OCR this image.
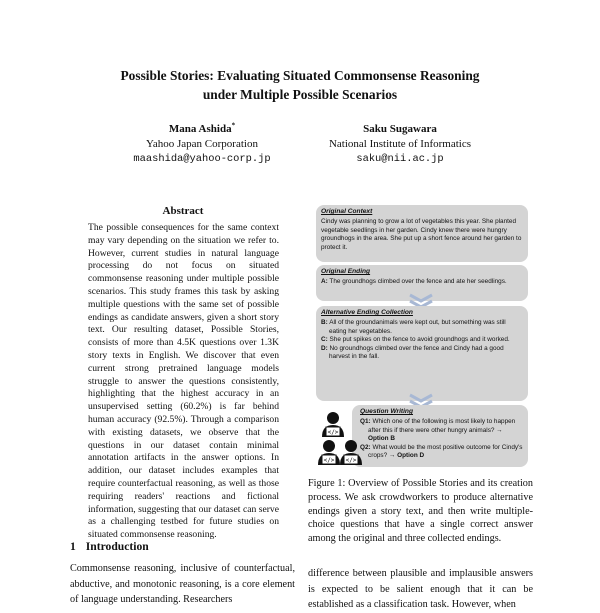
Possible Stories: Evaluating Situated Commonsense Reasoning
under Multiple Possible Scenarios
Mana Ashida*
Yahoo Japan Corporation
maashida@yahoo-corp.jp
Saku Sugawara
National Institute of Informatics
saku@nii.ac.jp
Abstract
The possible consequences for the same context may vary depending on the situation we refer to. However, current studies in natural language processing do not focus on situated commonsense reasoning under multiple possible scenarios. This study frames this task by asking multiple questions with the same set of possible endings as candidate answers, given a short story text. Our resulting dataset, Possible Stories, consists of more than 4.5K questions over 1.3K story texts in English. We discover that even current strong pretrained language models struggle to answer the questions consistently, highlighting that the highest accuracy in an unsupervised setting (60.2%) is far behind human accuracy (92.5%). Through a comparison with existing datasets, we observe that the questions in our dataset contain minimal annotation artifacts in the answer options. In addition, our dataset includes examples that require counterfactual reasoning, as well as those requiring readers' reactions and fictional information, suggesting that our dataset can serve as a challenging testbed for future studies on situated commonsense reasoning.
1 Introduction
Commonsense reasoning, inclusive of counterfactual, abductive, and monotonic reasoning, is a core element of language understanding. Researchers
Original Context
Cindy was planning to grow a lot of vegetables this year. She planted vegetable seedlings in her garden. Cindy knew there were hungry groundhogs in the area. She put up a short fence around her garden to protect it.
Original Ending
A: The groundhogs climbed over the fence and ate her seedlings.
Alternative Ending Collection
B: All of the groundanimals were kept out, but something was still eating her vegetables.
C: She put spikes on the fence to avoid groundhogs and it worked.
D: No groundhogs climbed over the fence and Cindy had a good harvest in the fall.
Question Writing
Q1: Which one of the following is most likely to happen after this if there were other hungry animals? → Option B
Q2: What would be the most positive outcome for Cindy's crops? → Option D
</>
</> </>
Figure 1: Overview of Possible Stories and its creation process. We ask crowdworkers to produce alternative endings given a story text, and then write multiple-choice questions that have a single correct answer among the original and three collected endings.
difference between plausible and implausible answers is expected to be salient enough that it can be established as a classification task. However, when
